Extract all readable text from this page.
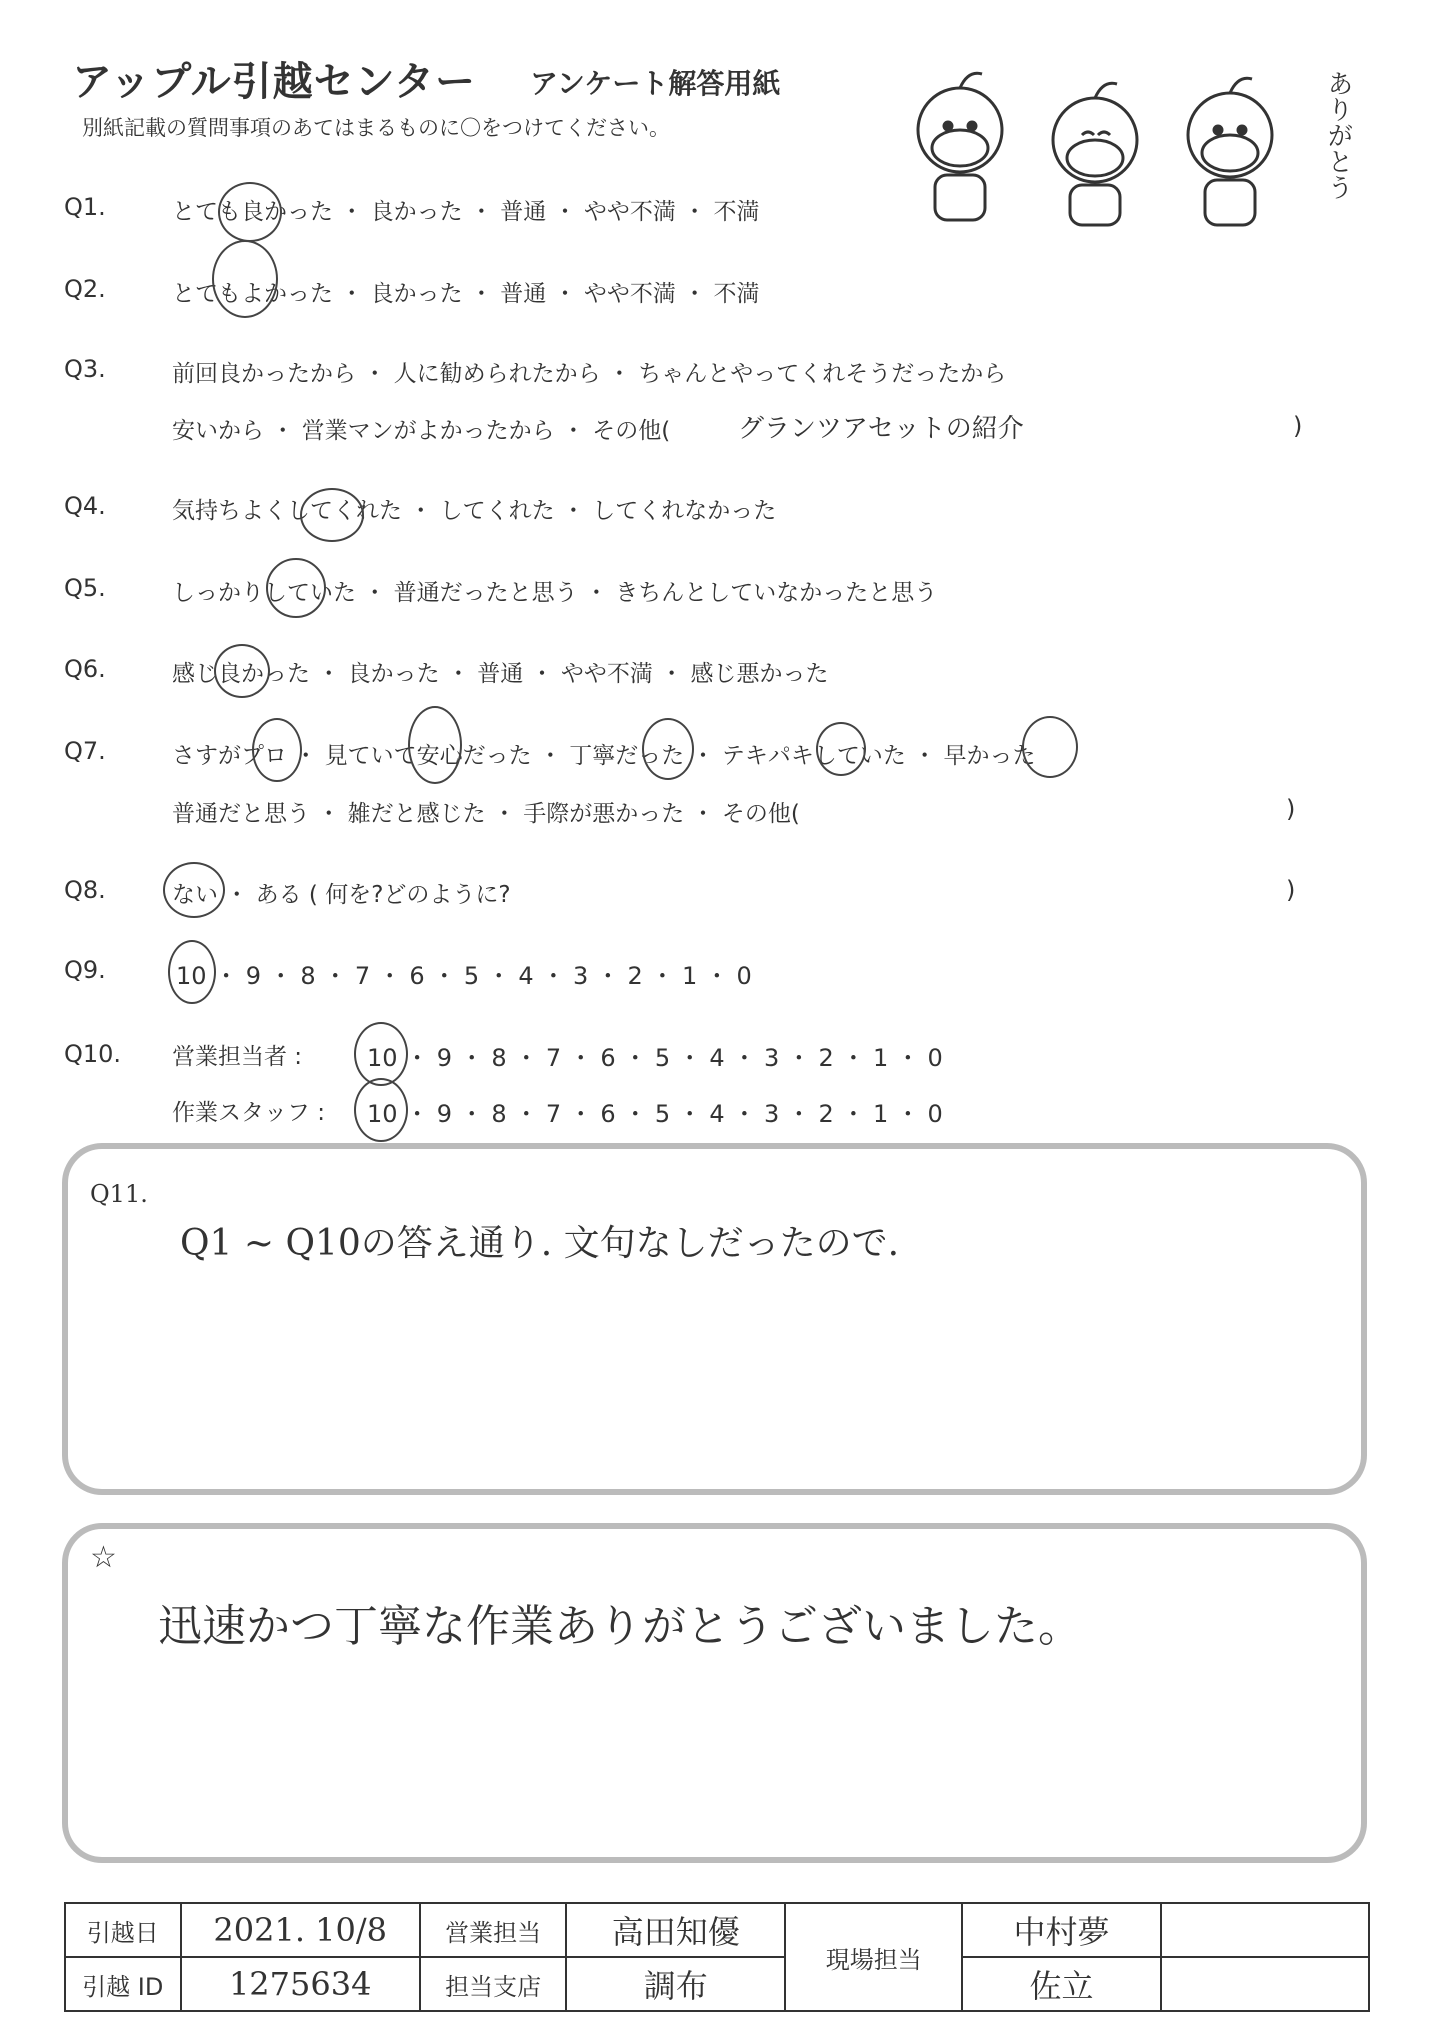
アップル引越センター アンケート解答用紙
別紙記載の質問事項のあてはまるものに〇をつけてください。	ありがとう
Q1.	とても良かった ・ 良かった ・ 普通 ・ やや不満 ・ 不満
Q2.	とてもよかった ・ 良かった ・ 普通 ・ やや不満 ・ 不満
Q3.	前回良かったから ・ 人に勧められたから ・ ちゃんとやってくれそうだったから
安いから ・ 営業マンがよかったから ・ その他(	グランツアセットの紹介	)
Q4.	気持ちよくしてくれた ・ してくれた ・ してくれなかった
Q5.	しっかりしていた ・ 普通だったと思う ・ きちんとしていなかったと思う
Q6.	感じ良かった ・ 良かった ・ 普通 ・ やや不満 ・ 感じ悪かった
Q7.	さすがプロ ・ 見ていて安心だった ・ 丁寧だった ・ テキパキしていた ・ 早かった
普通だと思う ・ 雑だと感じた ・ 手際が悪かった ・ その他(	)
Q8.	ない ・ ある ( 何を?どのように?	)
Q9.	10 ・ 9 ・ 8 ・ 7 ・ 6 ・ 5 ・ 4 ・ 3 ・ 2 ・ 1 ・ 0
Q10. 営業担当者 :	10 ・ 9 ・ 8 ・ 7 ・ 6 ・ 5 ・ 4 ・ 3 ・ 2 ・ 1 ・ 0
作業スタッフ : 10 ・ 9 ・ 8 ・ 7 ・ 6 ・ 5 ・ 4 ・ 3 ・ 2 ・ 1 ・ 0
Q11.
Q1 ~ Q10の答え通り. 文句なしだったので.
☆
迅速かつ丁寧な作業ありがとうございました。
引越日	2021. 10/8	営業担当	高田知優	現場担当	中村夢	
引越 ID	1275634	担当支店	調布		佐立	
